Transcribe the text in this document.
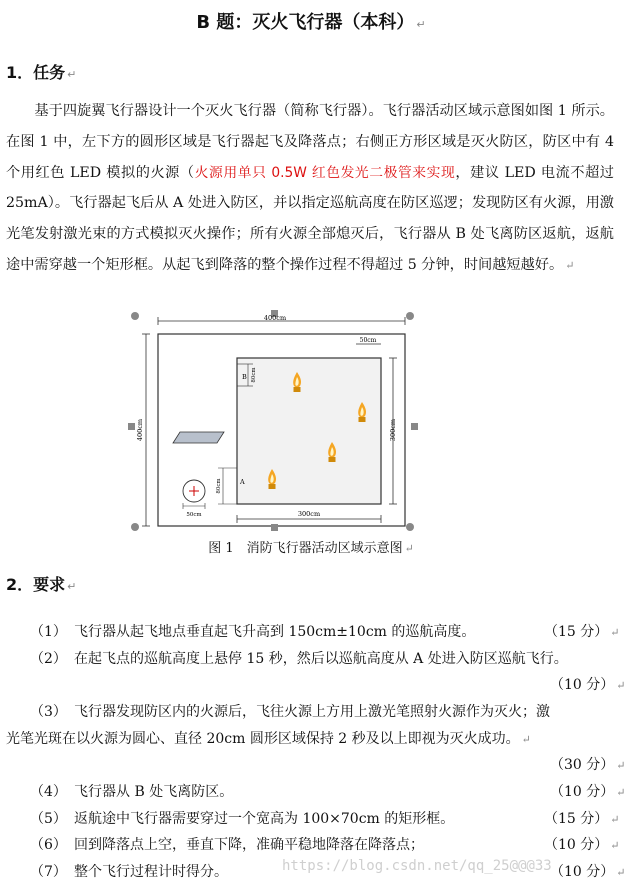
B 题：灭火飞行器（本科） ↵
1．任务 ↵

基于四旋翼飞行器设计一个灭火飞行器（简称飞行器）。飞行器活动区域示意图如图 1 所示。在图 1 中，左下方的圆形区域是飞行器起飞及降落点；右侧正方形区域是灭火防区，防区中有 4 个用红色 LED 模拟的火源（火源用单只 0.5W 红色发光二极管来实现，建议 LED 电流不超过 25mA）。飞行器起飞后从 A 处进入防区，并以指定巡航高度在防区巡逻；发现防区有火源，用激光笔发射激光束的方式模拟灭火操作；所有火源全部熄灭后，飞行器从 B 处飞离防区返航，返航途中需穿越一个矩形框。从起飞到降落的整个操作过程不得超过 5 分钟，时间越短越好。 ↵

400cm
400cm
50cm
300cm
300cm
B 80cm
A
80cm
50cm
图 1　消防飞行器活动区域示意图 ↵
2．要求 ↵
（1） 飞行器从起飞地点垂直起飞升高到 150cm±10cm 的巡航高度。	（15 分） ↵
（2） 在起飞点的巡航高度上悬停 15 秒，然后以巡航高度从 A 处进入防区巡航飞行。
（10 分） ↵
（3） 飞行器发现防区内的火源后，飞往火源上方用上激光笔照射火源作为灭火；激
光笔光斑在以火源为圆心、直径 20cm 圆形区域保持 2 秒及以上即视为灭火成功。 ↵
（30 分） ↵
（4） 飞行器从 B 处飞离防区。	（10 分） ↵
（5） 返航途中飞行器需要穿过一个宽高为 100×70cm 的矩形框。	（15 分） ↵
（6） 回到降落点上空，垂直下降，准确平稳地降落在降落点；	（10 分） ↵
（7） 整个飞行过程计时得分。	（10 分） ↵
https://blog.csdn.net/qq_25@@@33
